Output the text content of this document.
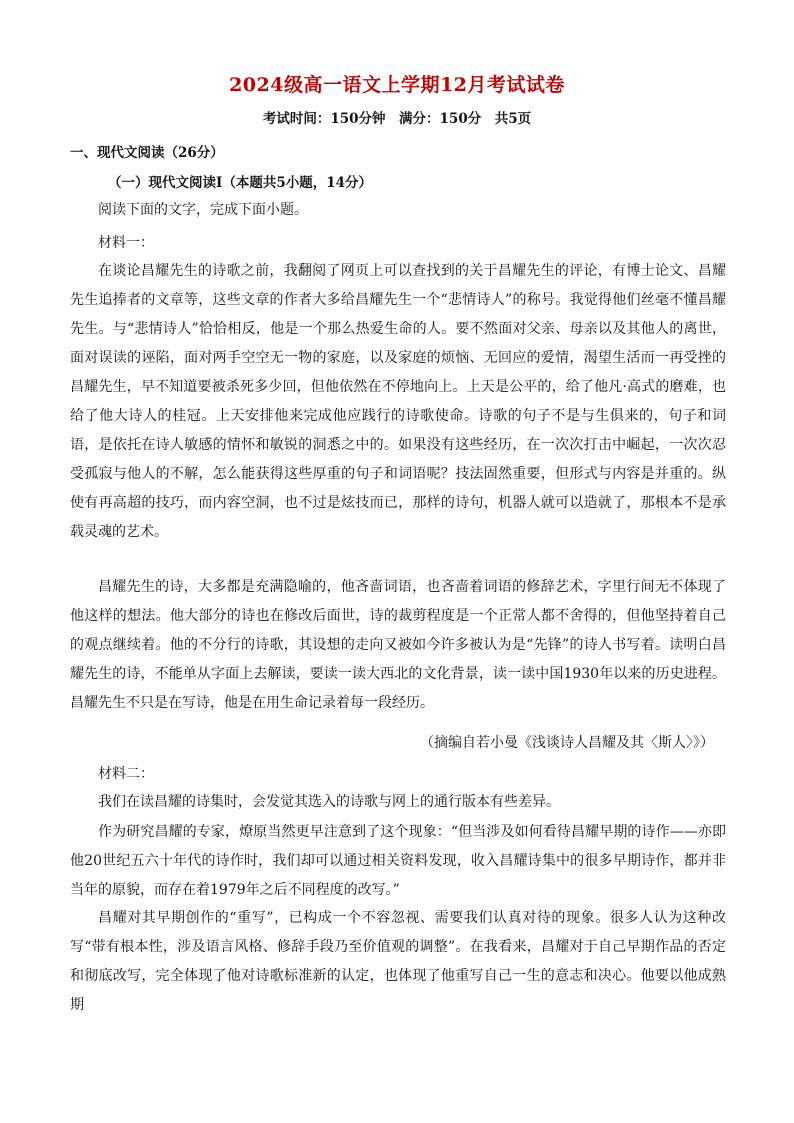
2024级高一语文上学期12月考试试卷
考试时间：150分钟　满分：150分　共5页
一、现代文阅读（26分）
（一）现代文阅读Ⅰ（本题共5小题，14分）

阅读下面的文字，完成下面小题。

材料一：

在谈论昌耀先生的诗歌之前，我翻阅了网页上可以查找到的关于昌耀先生的评论，有博士论文、昌耀先生追捧者的文章等，这些文章的作者大多给昌耀先生一个“悲情诗人”的称号。我觉得他们丝毫不懂昌耀先生。与“悲情诗人”恰恰相反，他是一个那么热爱生命的人。要不然面对父亲、母亲以及其他人的离世，面对误读的诬陷，面对两手空空无一物的家庭，以及家庭的烦恼、无回应的爱情，渴望生活而一再受挫的昌耀先生，早不知道要被杀死多少回，但他依然在不停地向上。上天是公平的，给了他凡·高式的磨难，也给了他大诗人的桂冠。上天安排他来完成他应践行的诗歌使命。诗歌的句子不是与生俱来的，句子和词语，是依托在诗人敏感的情怀和敏锐的洞悉之中的。如果没有这些经历，在一次次打击中崛起，一次次忍受孤寂与他人的不解，怎么能获得这些厚重的句子和词语呢？技法固然重要，但形式与内容是并重的。纵使有再高超的技巧，而内容空洞，也不过是炫技而已，那样的诗句，机器人就可以造就了，那根本不是承载灵魂的艺术。

昌耀先生的诗，大多都是充满隐喻的，他吝啬词语，也吝啬着词语的修辞艺术，字里行间无不体现了他这样的想法。他大部分的诗也在修改后面世，诗的裁剪程度是一个正常人都不舍得的，但他坚持着自己的观点继续着。他的不分行的诗歌，其设想的走向又被如今许多被认为是“先锋”的诗人书写着。读明白昌耀先生的诗，不能单从字面上去解读，要读一读大西北的文化背景，读一读中国1930年以来的历史进程。昌耀先生不只是在写诗，他是在用生命记录着每一段经历。

（摘编自若小曼《浅谈诗人昌耀及其〈斯人〉》）
材料二：

我们在读昌耀的诗集时，会发觉其选入的诗歌与网上的通行版本有些差异。

作为研究昌耀的专家，燎原当然更早注意到了这个现象：“但当涉及如何看待昌耀早期的诗作——亦即他20世纪五六十年代的诗作时，我们却可以通过相关资料发现，收入昌耀诗集中的很多早期诗作，都并非当年的原貌，而存在着1979年之后不同程度的改写。”

昌耀对其早期创作的“重写”，已构成一个不容忽视、需要我们认真对待的现象。很多人认为这种改写“带有根本性，涉及语言风格、修辞手段乃至价值观的调整”。在我看来，昌耀对于自己早期作品的否定和彻底改写，完全体现了他对诗歌标准新的认定，也体现了他重写自己一生的意志和决心。他要以他成熟期
